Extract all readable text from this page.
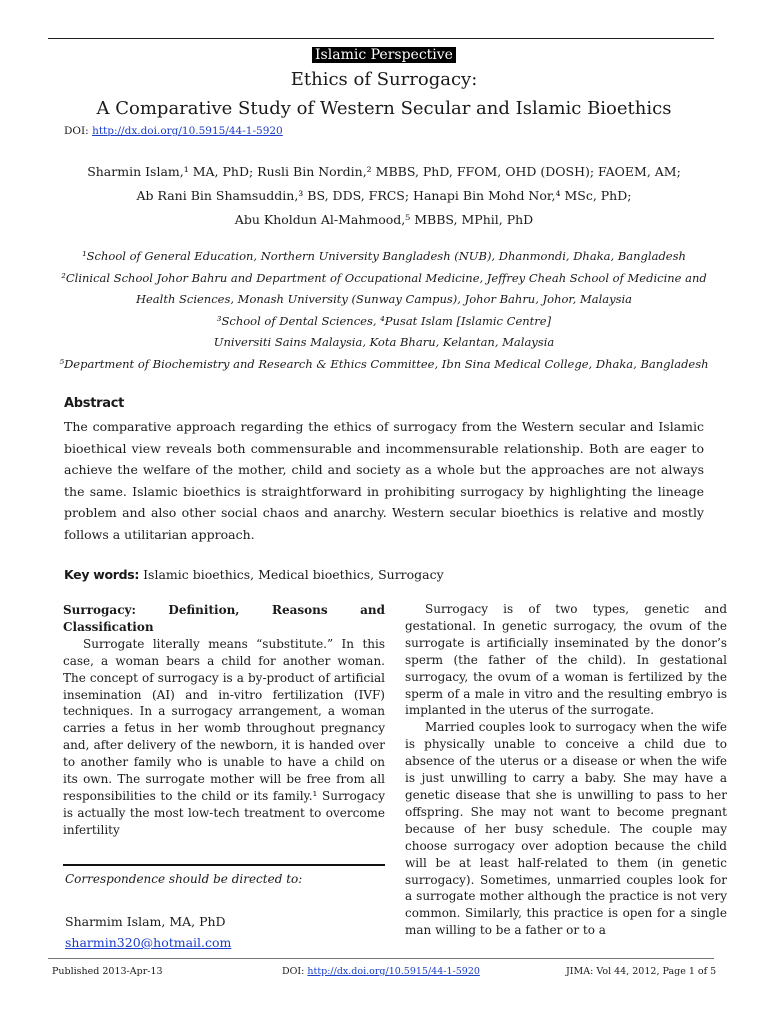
Islamic Perspective
Ethics of Surrogacy:
A Comparative Study of Western Secular and Islamic Bioethics
DOI: http://dx.doi.org/10.5915/44-1-5920
Sharmin Islam,¹ MA, PhD; Rusli Bin Nordin,² MBBS, PhD, FFOM, OHD (DOSH); FAOEM, AM;
Ab Rani Bin Shamsuddin,³ BS, DDS, FRCS; Hanapi Bin Mohd Nor,⁴ MSc, PhD;
Abu Kholdun Al-Mahmood,⁵ MBBS, MPhil, PhD
¹School of General Education, Northern University Bangladesh (NUB), Dhanmondi, Dhaka, Bangladesh
²Clinical School Johor Bahru and Department of Occupational Medicine, Jeffrey Cheah School of Medicine and
Health Sciences, Monash University (Sunway Campus), Johor Bahru, Johor, Malaysia
³School of Dental Sciences, ⁴Pusat Islam [Islamic Centre]
Universiti Sains Malaysia, Kota Bharu, Kelantan, Malaysia
⁵Department of Biochemistry and Research & Ethics Committee, Ibn Sina Medical College, Dhaka, Bangladesh
Abstract
The comparative approach regarding the ethics of surrogacy from the Western secular and Islamic bioethical view reveals both commensurable and incommensurable relationship. Both are eager to achieve the welfare of the mother, child and society as a whole but the approaches are not always the same. Islamic bioethics is straightforward in prohibiting surrogacy by highlighting the lineage problem and also other social chaos and anarchy. Western secular bioethics is relative and mostly follows a utilitarian approach.
Key words: Islamic bioethics, Medical bioethics, Surrogacy
Surrogacy: Definition, Reasons and
Classification

Surrogate literally means “substitute.” In this case, a woman bears a child for another woman. The concept of surrogacy is a by-product of artificial insemination (AI) and in-vitro fertilization (IVF) techniques. In a surrogacy arrangement, a woman carries a fetus in her womb throughout pregnancy and, after delivery of the newborn, it is handed over to another family who is unable to have a child on its own. The surrogate mother will be free from all responsibilities to the child or its family.¹ Surrogacy is actually the most low-tech treatment to overcome infertility

Surrogacy is of two types, genetic and gestational. In genetic surrogacy, the ovum of the surrogate is artificially inseminated by the donor’s sperm (the father of the child). In gestational surrogacy, the ovum of a woman is fertilized by the sperm of a male in vitro and the resulting embryo is implanted in the uterus of the surrogate.

Married couples look to surrogacy when the wife is physically unable to conceive a child due to absence of the uterus or a disease or when the wife is just unwilling to carry a baby. She may have a genetic disease that she is unwilling to pass to her offspring. She may not want to become pregnant because of her busy schedule. The couple may choose surrogacy over adoption because the child will be at least half-related to them (in genetic surrogacy). Sometimes, unmarried couples look for a surrogate mother although the practice is not very common. Similarly, this practice is open for a single man willing to be a father or to a

Correspondence should be directed to:
Sharmim Islam, MA, PhD
sharmin320@hotmail.com
Published 2013-Apr-13	DOI: http://dx.doi.org/10.5915/44-1-5920	JIMA: Vol 44, 2012, Page 1 of 5
